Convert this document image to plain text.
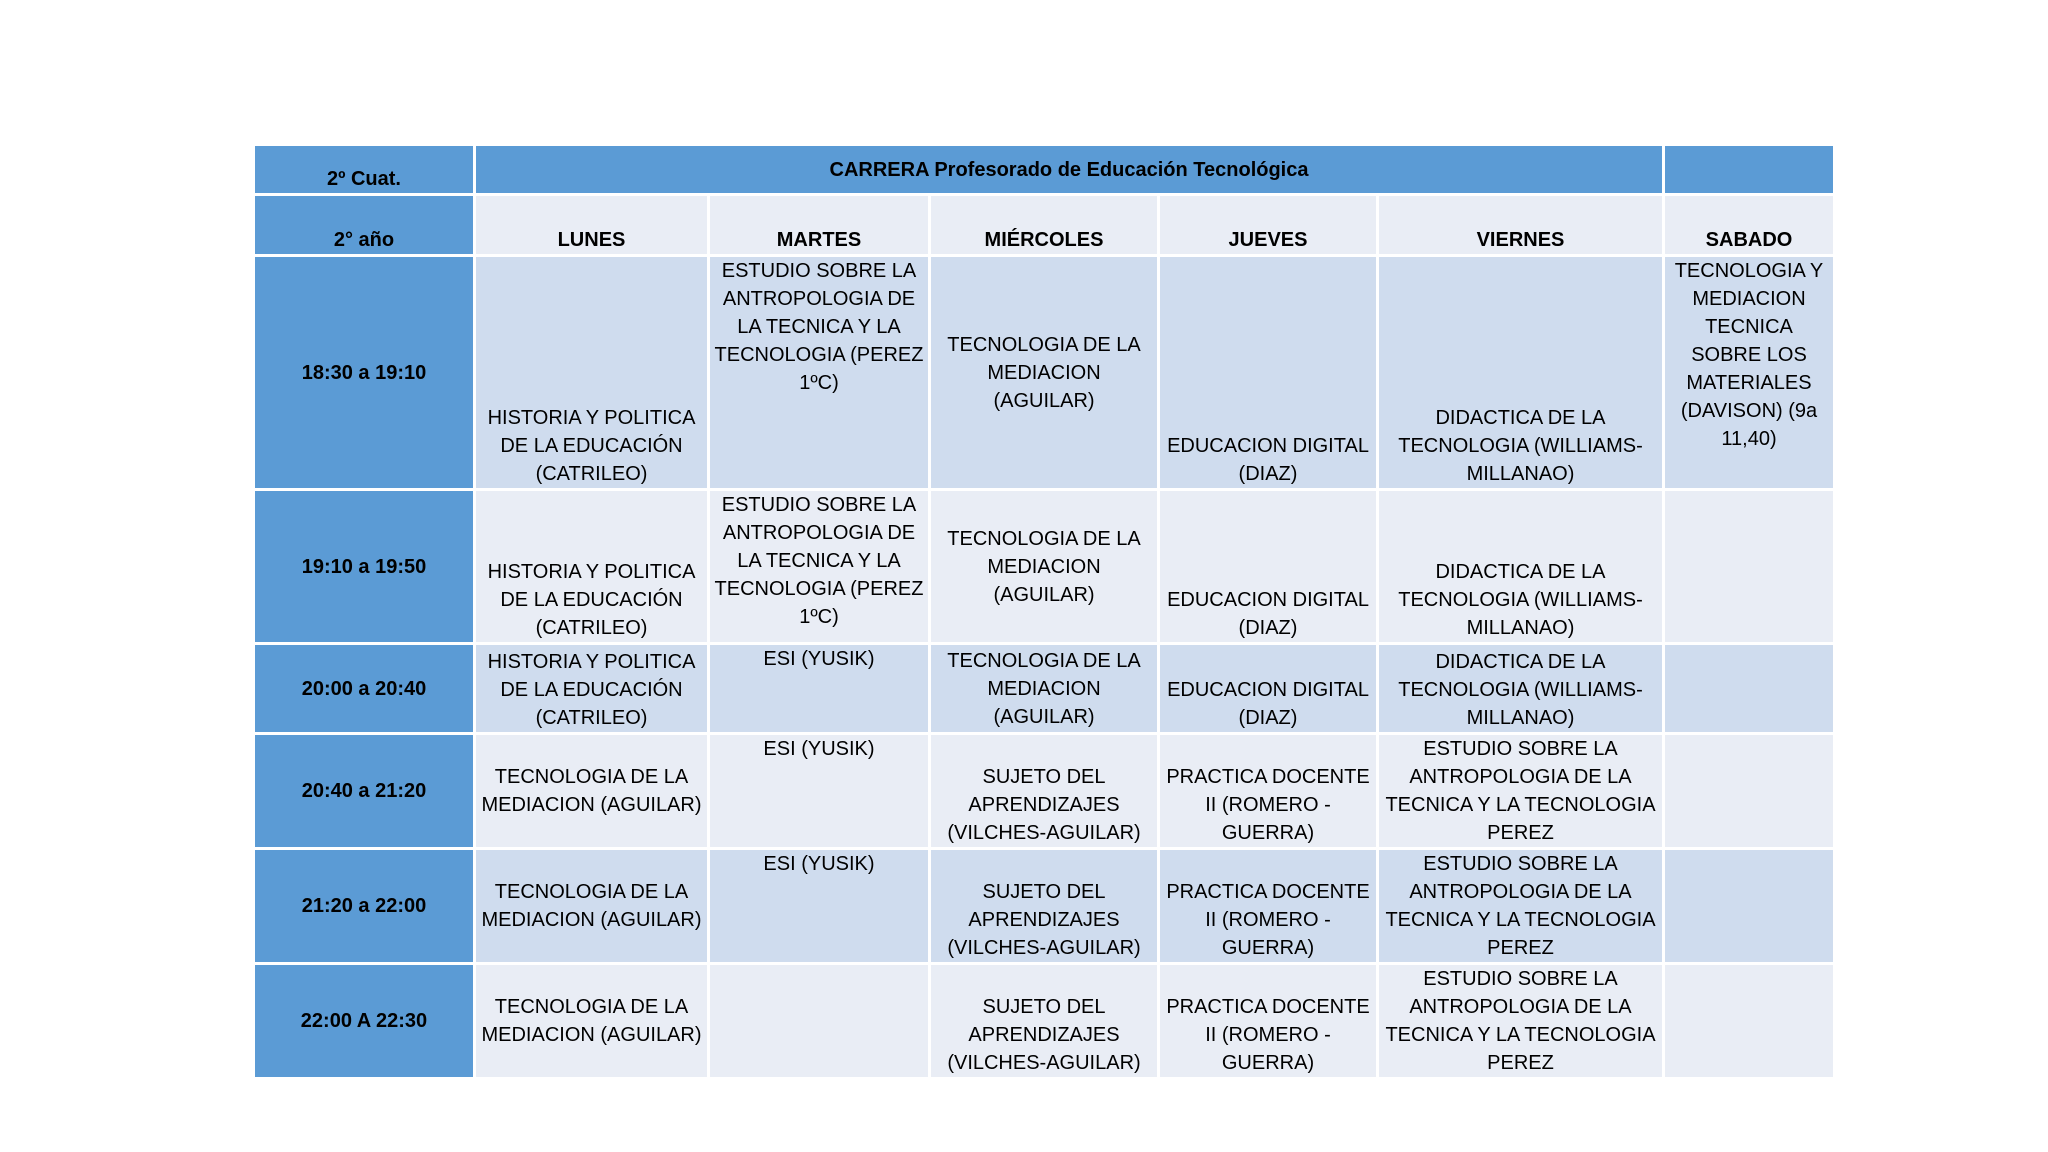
2º Cuat.	CARRERA Profesorado de Educación Tecnológica					
2° año	LUNES	MARTES	MIÉRCOLES	JUEVES	VIERNES	SABADO
18:30 a 19:10	HISTORIA Y POLITICA DE LA EDUCACIÓN (CATRILEO)	ESTUDIO SOBRE LA ANTROPOLOGIA DE LA TECNICA Y LA TECNOLOGIA (PEREZ 1ºC)	TECNOLOGIA DE LA MEDIACION (AGUILAR)	EDUCACION DIGITAL (DIAZ)	DIDACTICA DE LA TECNOLOGIA (WILLIAMS-MILLANAO)	TECNOLOGIA Y MEDIACION TECNICA SOBRE LOS MATERIALES (DAVISON) (9a 11,40)
19:10 a 19:50	HISTORIA Y POLITICA DE LA EDUCACIÓN (CATRILEO)	ESTUDIO SOBRE LA ANTROPOLOGIA DE LA TECNICA Y LA TECNOLOGIA (PEREZ 1ºC)	TECNOLOGIA DE LA MEDIACION (AGUILAR)	EDUCACION DIGITAL (DIAZ)	DIDACTICA DE LA TECNOLOGIA (WILLIAMS-MILLANAO)	
20:00 a 20:40	HISTORIA Y POLITICA DE LA EDUCACIÓN (CATRILEO)	ESI (YUSIK)	TECNOLOGIA DE LA MEDIACION (AGUILAR)	EDUCACION DIGITAL (DIAZ)	DIDACTICA DE LA TECNOLOGIA (WILLIAMS-MILLANAO)	
20:40 a 21:20	TECNOLOGIA DE LA MEDIACION (AGUILAR)	ESI (YUSIK)	SUJETO DEL APRENDIZAJES (VILCHES-AGUILAR)	PRACTICA DOCENTE II (ROMERO -GUERRA)	ESTUDIO SOBRE LA ANTROPOLOGIA DE LA TECNICA Y LA TECNOLOGIA PEREZ	
21:20 a 22:00	TECNOLOGIA DE LA MEDIACION (AGUILAR)	ESI (YUSIK)	SUJETO DEL APRENDIZAJES (VILCHES-AGUILAR)	PRACTICA DOCENTE II (ROMERO -GUERRA)	ESTUDIO SOBRE LA ANTROPOLOGIA DE LA TECNICA Y LA TECNOLOGIA PEREZ	
22:00 A 22:30	TECNOLOGIA DE LA MEDIACION (AGUILAR)		SUJETO DEL APRENDIZAJES (VILCHES-AGUILAR)	PRACTICA DOCENTE II (ROMERO -GUERRA)	ESTUDIO SOBRE LA ANTROPOLOGIA DE LA TECNICA Y LA TECNOLOGIA PEREZ	
